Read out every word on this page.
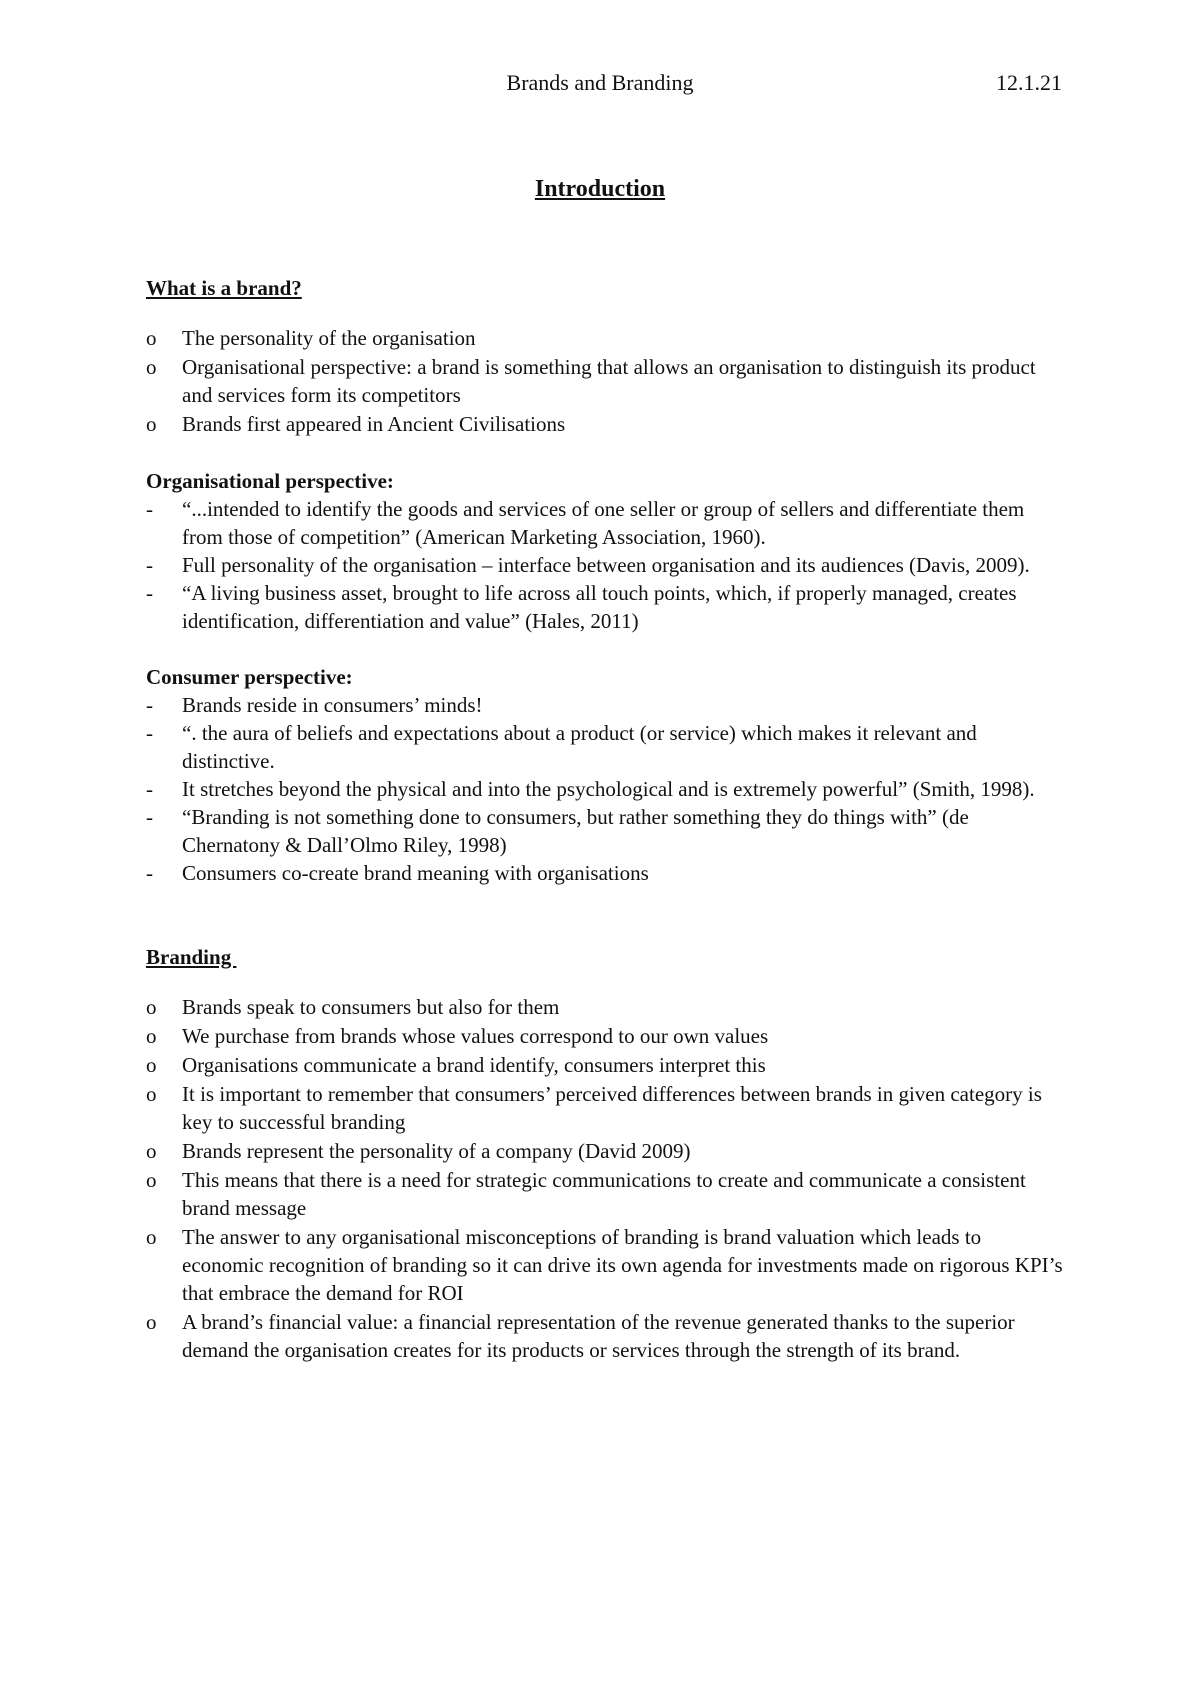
Brands and Branding	12.1.21
Introduction

What is a brand?

o	The personality of the organisation
o	Organisational perspective: a brand is something that allows an organisation to distinguish its product and services form its competitors
o	Brands first appeared in Ancient Civilisations

Organisational perspective:

-	“...intended to identify the goods and services of one seller or group of sellers and differentiate them from those of competition” (American Marketing Association, 1960).
-	Full personality of the organisation – interface between organisation and its audiences (Davis, 2009).
-	“A living business asset, brought to life across all touch points, which, if properly managed, creates identification, differentiation and value” (Hales, 2011)

Consumer perspective:

-	Brands reside in consumers’ minds!
-	“. the aura of beliefs and expectations about a product (or service) which makes it relevant and distinctive.
-	It stretches beyond the physical and into the psychological and is extremely powerful” (Smith, 1998).
-	“Branding is not something done to consumers, but rather something they do things with” (de Chernatony & Dall’Olmo Riley, 1998)
-	Consumers co-create brand meaning with organisations

Branding

o	Brands speak to consumers but also for them
o	We purchase from brands whose values correspond to our own values
o	Organisations communicate a brand identify, consumers interpret this
o	It is important to remember that consumers’ perceived differences between brands in given category is key to successful branding
o	Brands represent the personality of a company (David 2009)
o	This means that there is a need for strategic communications to create and communicate a consistent brand message
o	The answer to any organisational misconceptions of branding is brand valuation which leads to economic recognition of branding so it can drive its own agenda for investments made on rigorous KPI’s that embrace the demand for ROI
o	A brand’s financial value: a financial representation of the revenue generated thanks to the superior demand the organisation creates for its products or services through the strength of its brand.
